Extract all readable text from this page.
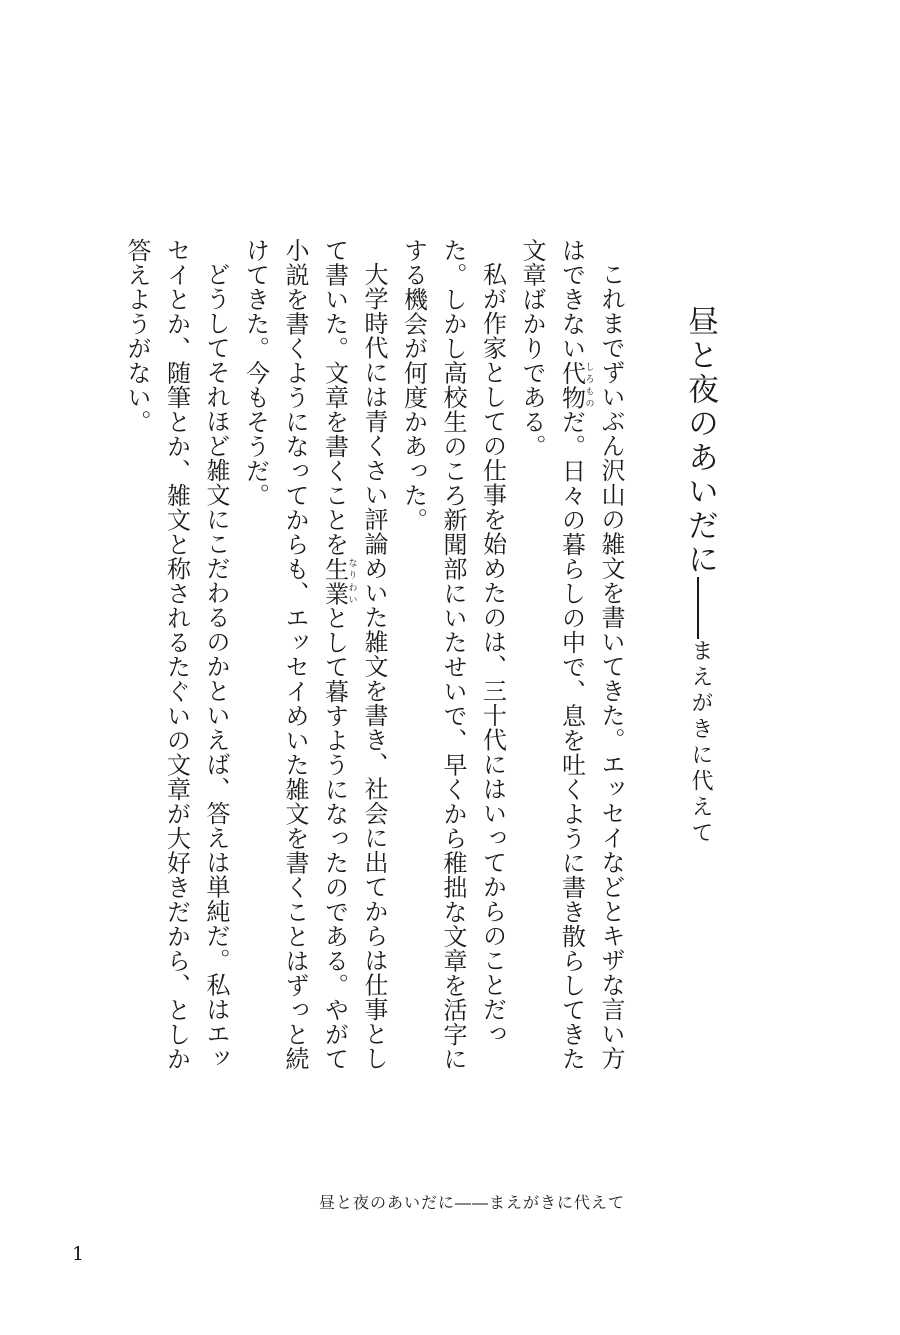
昼と夜のあいだに――まえがきに代えて

これまでずいぶん沢山の雑文を書いてきた。エッセイなどとキザな言い方はできない代物しろものだ。日々の暮らしの中で、息を吐くように書き散らしてきた文章ばかりである。

私が作家としての仕事を始めたのは、三十代にはいってからのことだった。しかし高校生のころ新聞部にいたせいで、早くから稚拙な文章を活字にする機会が何度かあった。

大学時代には青くさい評論めいた雑文を書き、社会に出てからは仕事として書いた。文章を書くことを生業なりわいとして暮すようになったのである。やがて小説を書くようになってからも、エッセイめいた雑文を書くことはずっと続けてきた。今もそうだ。

どうしてそれほど雑文にこだわるのかといえば、答えは単純だ。私はエッセイとか、随筆とか、雑文と称されるたぐいの文章が大好きだから、としか答えようがない。

昼と夜のあいだに――まえがきに代えて
1
